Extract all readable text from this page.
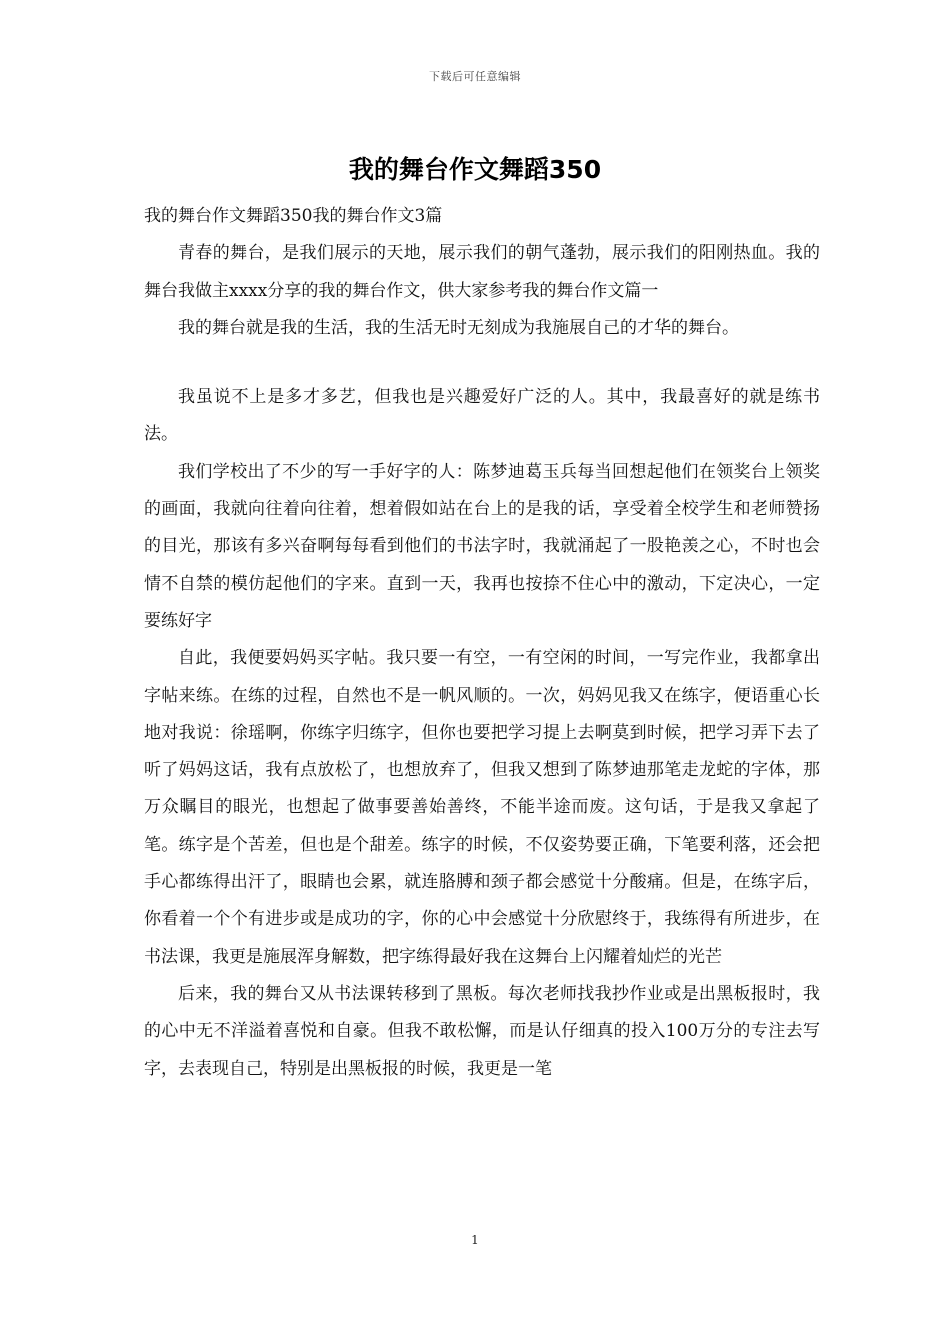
下载后可任意编辑
我的舞台作文舞蹈350

我的舞台作文舞蹈350我的舞台作文3篇

青春的舞台，是我们展示的天地，展示我们的朝气蓬勃，展示我们的阳刚热血。我的舞台我做主xxxx分享的我的舞台作文，供大家参考我的舞台作文篇一

我的舞台就是我的生活，我的生活无时无刻成为我施展自己的才华的舞台。

我虽说不上是多才多艺，但我也是兴趣爱好广泛的人。其中，我最喜好的就是练书法。

我们学校出了不少的写一手好字的人：陈梦迪葛玉兵每当回想起他们在领奖台上领奖的画面，我就向往着向往着，想着假如站在台上的是我的话，享受着全校学生和老师赞扬的目光，那该有多兴奋啊每每看到他们的书法字时，我就涌起了一股艳羡之心，不时也会情不自禁的模仿起他们的字来。直到一天，我再也按捺不住心中的激动，下定决心，一定要练好字

自此，我便要妈妈买字帖。我只要一有空，一有空闲的时间，一写完作业，我都拿出字帖来练。在练的过程，自然也不是一帆风顺的。一次，妈妈见我又在练字，便语重心长地对我说：徐瑶啊，你练字归练字，但你也要把学习提上去啊莫到时候，把学习弄下去了听了妈妈这话，我有点放松了，也想放弃了，但我又想到了陈梦迪那笔走龙蛇的字体，那万众瞩目的眼光，也想起了做事要善始善终，不能半途而废。这句话，于是我又拿起了笔。练字是个苦差，但也是个甜差。练字的时候，不仅姿势要正确，下笔要利落，还会把手心都练得出汗了，眼睛也会累，就连胳膊和颈子都会感觉十分酸痛。但是，在练字后，你看着一个个有进步或是成功的字，你的心中会感觉十分欣慰终于，我练得有所进步，在书法课，我更是施展浑身解数，把字练得最好我在这舞台上闪耀着灿烂的光芒

后来，我的舞台又从书法课转移到了黑板。每次老师找我抄作业或是出黑板报时，我的心中无不洋溢着喜悦和自豪。但我不敢松懈，而是认仔细真的投入100万分的专注去写字，去表现自己，特别是出黑板报的时候，我更是一笔

1
